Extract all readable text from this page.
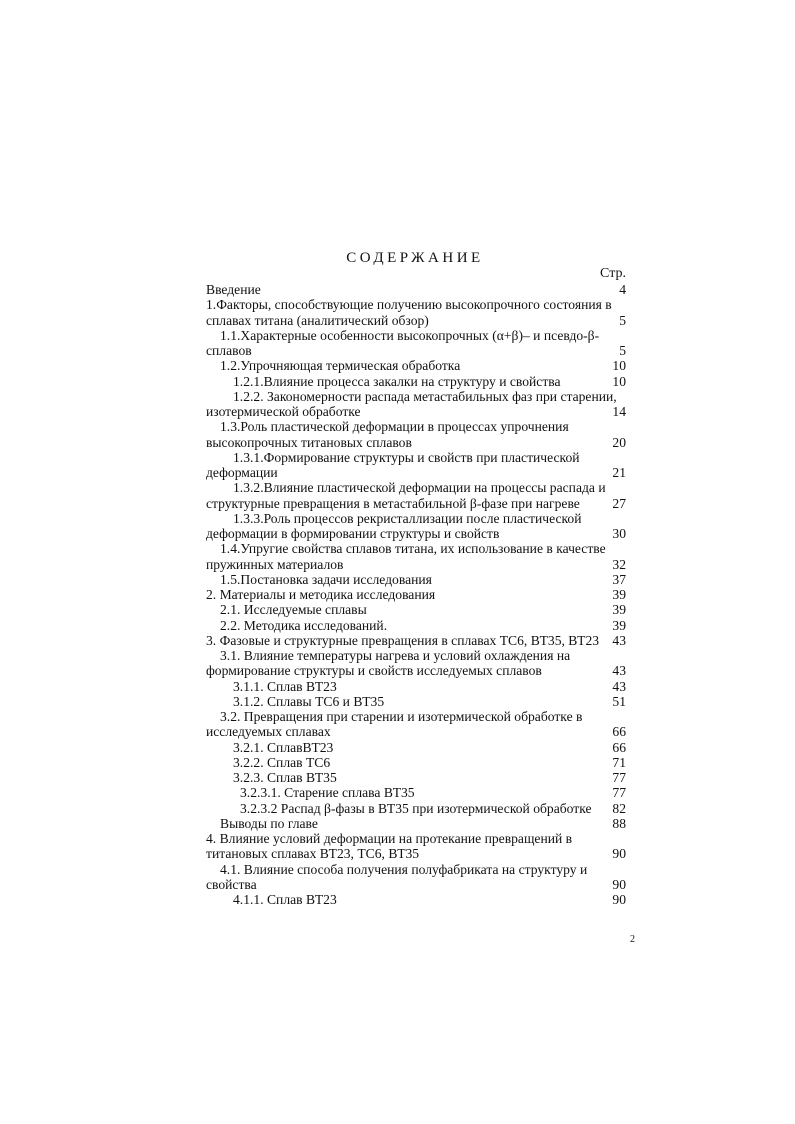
СОДЕРЖАНИЕ
Стр.
Введение	4
1.Факторы, способствующие получению высокопрочного состояния в
сплавах титана (аналитический обзор)	5
1.1.Характерные особенности высокопрочных (α+β)– и псевдо-β-
сплавов	5
1.2.Упрочняющая термическая обработка	10
1.2.1.Влияние процесса закалки на структуру и свойства	10
1.2.2. Закономерности распада метастабильных фаз при старении,
изотермической обработке	14
1.3.Роль пластической деформации в процессах упрочнения
высокопрочных титановых сплавов	20
1.3.1.Формирование структуры и свойств при пластической
деформации	21
1.3.2.Влияние пластической деформации на процессы распада и
структурные превращения в метастабильной β-фазе при нагреве 27
1.3.3.Роль процессов рекристаллизации после пластической
деформации в формировании структуры и свойств	30
1.4.Упругие свойства сплавов титана, их использование в качестве
пружинных материалов	32
1.5.Постановка задачи исследования	37
2. Материалы и методика исследования	39
2.1. Исследуемые сплавы	39
2.2. Методика исследований.	39
3. Фазовые и структурные превращения в сплавах ТС6, ВТ35, ВТ23 43
3.1. Влияние температуры нагрева и условий охлаждения на
формирование структуры и свойств исследуемых сплавов	43
3.1.1. Сплав ВТ23	43
3.1.2. Сплавы ТС6 и ВТ35	51
3.2. Превращения при старении и изотермической обработке в
исследуемых сплавах	66
3.2.1. СплавВТ23	66
3.2.2. Сплав ТС6	71
3.2.3. Сплав ВТ35	77
3.2.3.1. Старение сплава ВТ35	77
3.2.3.2 Распад β-фазы в ВТ35 при изотермической обработке 82
Выводы по главе	88
4. Влияние условий деформации на протекание превращений в
титановых сплавах ВТ23, ТС6, ВТ35	90
4.1. Влияние способа получения полуфабриката на структуру и
свойства	90
4.1.1. Сплав ВТ23	90
2
